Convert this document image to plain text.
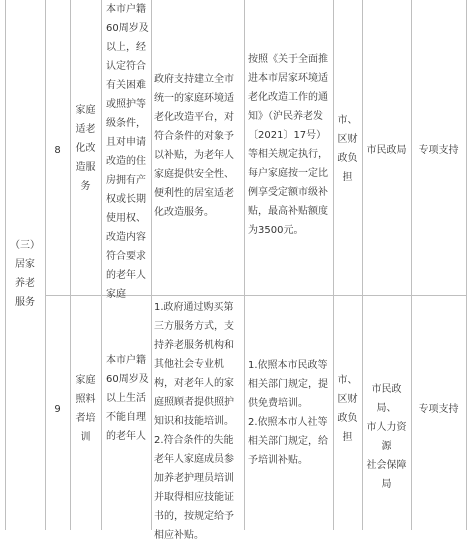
（三）
居家
养老
服务
8
家庭
适老
化改
造服
务
本市户籍
60周岁及
以上，经
认定符合
有关困难
或照护等
级条件，
且对申请
改造的住
房拥有产
权或长期
使用权、
改造内容
符合要求
的老年人
家庭
政府支持建立全市
统一的家庭环境适
老化改造平台，对
符合条件的对象予
以补贴，为老年人
家庭提供安全性、
便利性的居室适老
化改造服务。
按照《关于全面推
进本市居家环境适
老化改造工作的通
知》（沪民养老发
〔2021〕17号）
等相关规定执行，
每户家庭按一定比
例享受定额市级补
贴，最高补贴额度
为3500元。
市、
区财
政负
担
市民政局	专项支持
9
家庭
照料
者培
训
本市户籍
60周岁及
以上生活
不能自理
的老年人
1.政府通过购买第
三方服务方式，支
持养老服务机构和
其他社会专业机
构，对老年人的家
庭照顾者提供照护
知识和技能培训。
2.符合条件的失能
老年人家庭成员参
加养老护理员培训
并取得相应技能证
书的，按规定给予
相应补贴。
1.依照本市民政等
相关部门规定，提
供免费培训。
2.依照本市人社等
相关部门规定，给
予培训补贴。
市、
区财
政负
担
市民政局、
市人力资源
社会保障局
专项支持
